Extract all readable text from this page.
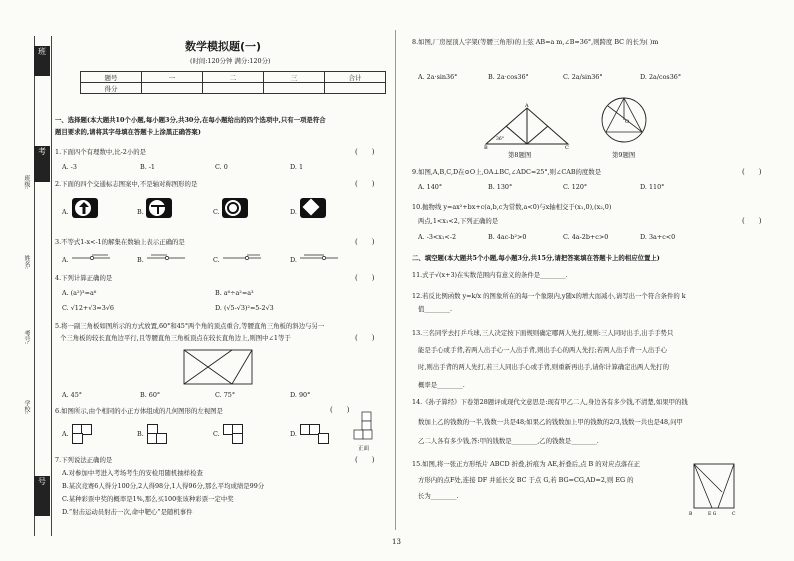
班
考
号
班级:
姓名:
考号:
学校:
数学模拟题(一)
(时间:120分钟 满分:120分)
题号	一	二	三	合计
得分				
一、选择题(本大题共10个小题,每小题3分,共30分,在每小题给出的四个选项中,只有一项是符合
题目要求的,请将其字母填在答题卡上涂黑正确答案)
1.下面四个有理数中,比-2小的是	(　　)
A. -3	B. -1	C. 0	D. 1
2.下面的四个交通标志图案中,不是轴对称图形的是	(　　)
A.	B.	C.	D.
3.不等式1-x<-1的解集在数轴上表示正确的是	(　　)
A.	B.	C.	D.
4.下列计算正确的是	(　　)
A. (a²)³=a⁶	B. a⁶÷a²=a³
C. √12+√3=3√6	D. (√5-√3)²=5-2√3
5.将一副三角板如图所示的方式放置,60°和45°两个角的顶点重合,等腰直角三角板的斜边与另一
个三角板的较长直角边平行,且等腰直角三角板顶点在较长直角边上,则图中∠1等于	(　　)
A. 45°	B. 60°	C. 75°	D. 90°
6.如图所示,由个相同的小正方体组成的几何图形的左视图是	(　　)
A.	B.	C.	D.
正面
7.下列说法正确的是	(　　)
A.对参加中考进入考场考生的安检用随机抽样检查
B.某次竞赛6人得分100分,2人得98分,1人得96分,那么平均成绩是99分
C.某种彩票中奖的概率是1%,那么买100张该种彩票一定中奖
D.“射击运动员射击一次,命中靶心”是随机事件
8.如图,厂房屋顶人字架(等腰三角形)的上弦 AB=a m,∠B=36°,则跨度 BC 的长为( )m
A. 2a·sin36°	B. 2a·cos36°	C. 2a/sin36°	D. 2a/cos36°
B	C
A
36°
第8题图
O
第9题图
9.如图,A,B,C,D在⊙O上,OA⊥BC,∠ADC=25°,则∠CAB的度数是	(　　)
A. 140°	B. 130°	C. 120°	D. 110°
10.抛物线 y=ax²+bx+c(a,b,c为常数,a<0)与x轴相交于(x₁,0),(x₂,0)
两点,1<x₁<2,下列正确的是	(　　)
A. -3<x₁<-2	B. 4ac-b²>0	C. 4a-2b+c>0	D. 3a+c<0
二、填空题(本大题共5个小题,每小题3分,共15分,请把答案填在答题卡上的相应位置上)
11.式子√(x+3)在实数范围内有意义的条件是________.
12.若反比例函数 y=k/x 的图象所在的每一个象限内,y随x的增大而减小,请写出一个符合条件的 k
值________.
13.三名同学去打乒乓球,三人决定按下面规则确定哪两人先打,规则:三人同时出手,出手手势只
能是手心或手背,若两人出手心一人出手背,则出手心的两人先打;若两人出手背一人出手心
时,则出手背的两人先打,若三人同出手心或手背,则重新再出手,请你计算确定出两人先打的
概率是________.
14.《孙子算经》下卷第28题评成现代文意思是:现有甲乙二人,身边各有多少钱,不清楚,如果甲的钱
数加上乙的钱数的一半,钱数一共是48;如果乙的钱数加上甲的钱数的2/3,钱数一共也是48,问甲
乙二人各有多少钱,答:甲的钱数是________,乙的钱数是________.
15.如图,将一张正方形纸片 ABCD 折叠,折痕为 AE,折叠后,点 B 的对应点落在正
方形内的点F处,连接 DF 并延长交 BC 于点 G,若 BG=CG,AD=2,则 EG 的
长为________.
B	E G	C
13
